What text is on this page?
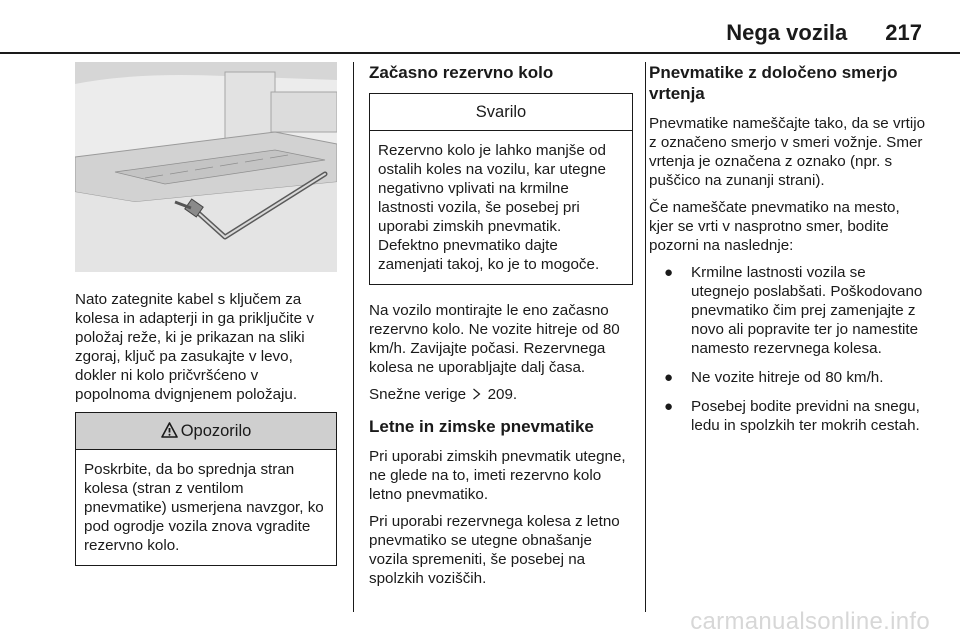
Nega vozila 217

Nato zategnite kabel s ključem za kolesa in adapterji in ga priključite v položaj reže, ki je prikazan na sliki zgoraj, ključ pa zasukajte v levo, dokler ni kolo pričvršćeno v popolnoma dvignjenem položaju.

Opozorilo
Poskrbite, da bo sprednja stran kolesa (stran z ventilom pnevmatike) usmerjena navzgor, ko pod ogrodje vozila znova vgradite rezervno kolo.
Začasno rezervno kolo
Svarilo
Rezervno kolo je lahko manjše od ostalih koles na vozilu, kar utegne negativno vplivati na krmilne lastnosti vozila, še posebej pri uporabi zimskih pnevmatik. Defektno pnevmatiko dajte zamenjati takoj, ko je to mogoče.

Na vozilo montirajte le eno začasno rezervno kolo. Ne vozite hitreje od 80 km/h. Zavijajte počasi. Rezervnega kolesa ne uporabljajte dalj časa.

Snežne verige 209.

Letne in zimske pnevmatike

Pri uporabi zimskih pnevmatik utegne, ne glede na to, imeti rezervno kolo letno pnevmatiko.

Pri uporabi rezervnega kolesa z letno pnevmatiko se utegne obnašanje vozila spremeniti, še posebej na spolzkih voziščih.

Pnevmatike z določeno smerjo vrtenja

Pnevmatike nameščajte tako, da se vrtijo z označeno smerjo v smeri vožnje. Smer vrtenja je označena z oznako (npr. s puščico na zunanji strani).

Če nameščate pnevmatiko na mesto, kjer se vrti v nasprotno smer, bodite pozorni na naslednje:

● Krmilne lastnosti vozila se utegnejo poslabšati. Poškodovano pnevmatiko čim prej zamenjajte z novo ali popravite ter jo namestite namesto rezervnega kolesa.
● Ne vozite hitreje od 80 km/h.
● Posebej bodite previdni na snegu, ledu in spolzkih ter mokrih cestah.
carmanualsonline.info
